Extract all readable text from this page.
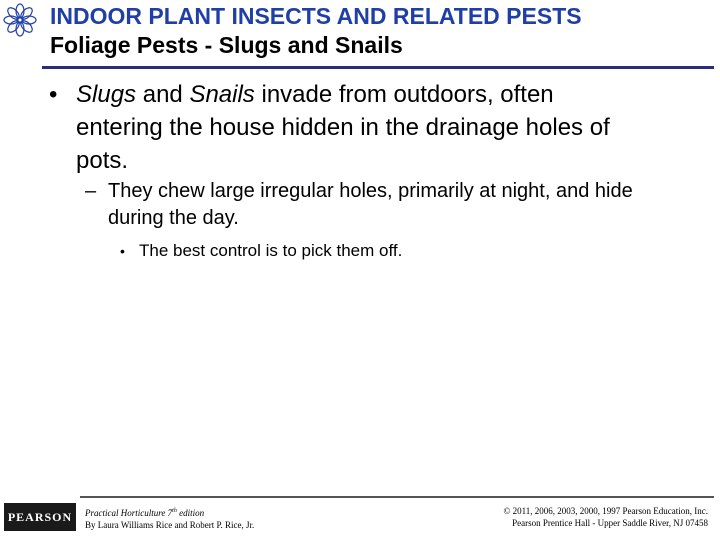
INDOOR PLANT INSECTS AND RELATED PESTS
Foliage Pests - Slugs and Snails
• Slugs and Snails invade from outdoors, often entering the house hidden in the drainage holes of pots.
– They chew large irregular holes, primarily at night, and hide during the day.
• The best control is to pick them off.
PEARSON	Practical Horticulture 7th edition
By Laura Williams Rice and Robert P. Rice, Jr.
© 2011, 2006, 2003, 2000, 1997 Pearson Education, Inc.
Pearson Prentice Hall - Upper Saddle River, NJ 07458
